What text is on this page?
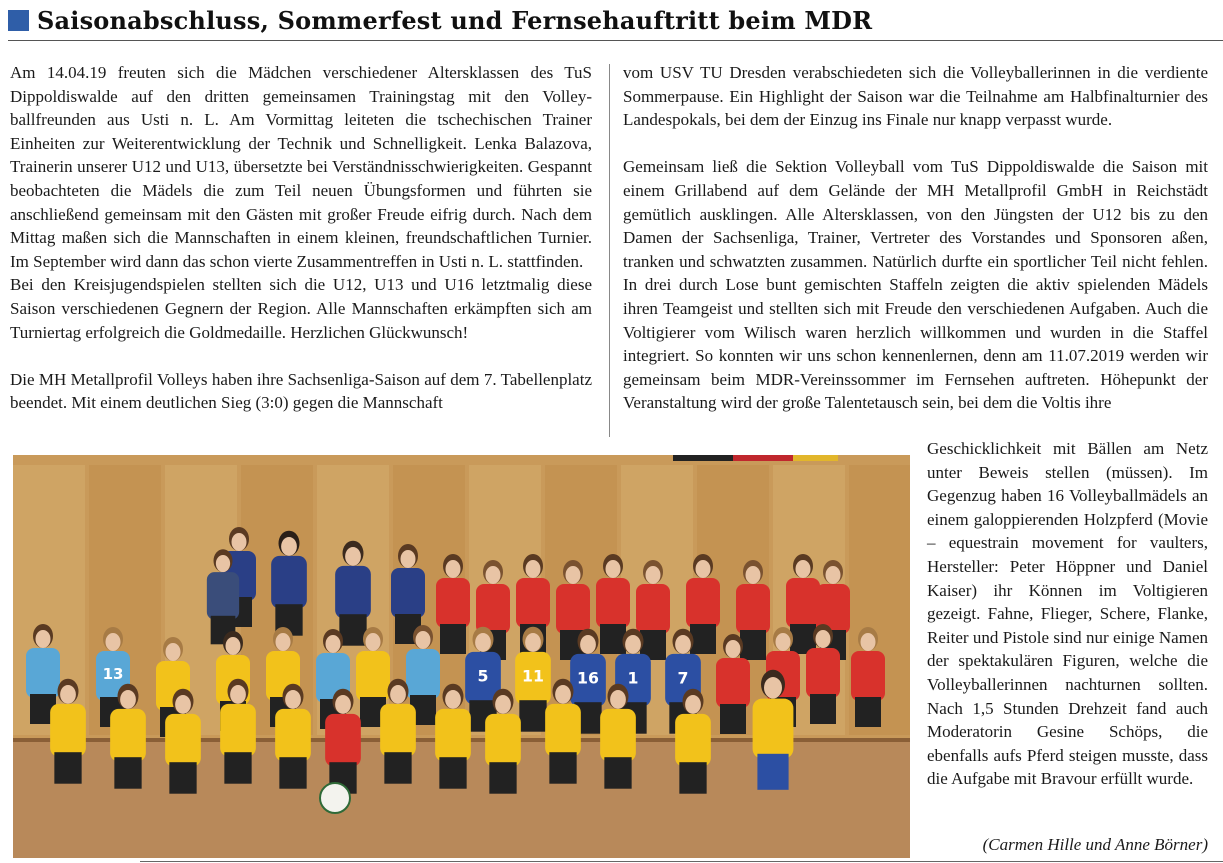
Saisonabschluss, Sommerfest und Fernsehauftritt beim MDR

Am 14.04.19 freuten sich die Mädchen verschiedener Altersklassen des TuS Dippoldiswalde auf den dritten gemeinsamen Trainingstag mit den Volleyballfreunden aus Usti n. L. Am Vormittag leiteten die tschechischen Trainer Einheiten zur Weiterentwicklung der Technik und Schnelligkeit. Lenka Balazova, Trainerin unserer U12 und U13, übersetzte bei Verständnisschwierigkeiten. Gespannt beobachteten die Mädels die zum Teil neuen Übungsformen und führten sie anschließend gemeinsam mit den Gästen mit großer Freude eifrig durch. Nach dem Mittag maßen sich die Mannschaften in einem kleinen, freundschaftlichen Turnier. Im September wird dann das schon vierte Zusammentreffen in Usti n. L. stattfinden.

Bei den Kreisjugendspielen stellten sich die U12, U13 und U16 letztmalig diese Saison verschiedenen Gegnern der Region. Alle Mannschaften erkämpften sich am Turniertag erfolgreich die Goldmedaille. Herzlichen Glückwunsch!

Die MH Metallprofil Volleys haben ihre Sachsenliga-Saison auf dem 7. Tabellenplatz beendet. Mit einem deutlichen Sieg (3:0) gegen die Mannschaft

vom USV TU Dresden verabschiedeten sich die Volleyballerinnen in die verdiente Sommerpause. Ein Highlight der Saison war die Teilnahme am Halbfinalturnier des Landespokals, bei dem der Einzug ins Finale nur knapp verpasst wurde.

Gemeinsam ließ die Sektion Volleyball vom TuS Dippoldiswalde die Saison mit einem Grillabend auf dem Gelände der MH Metallprofil GmbH in Reichstädt gemütlich ausklingen. Alle Altersklassen, von den Jüngsten der U12 bis zu den Damen der Sachsenliga, Trainer, Vertreter des Vorstandes und Sponsoren aßen, tranken und schwatzten zusammen. Natürlich durfte ein sportlicher Teil nicht fehlen. In drei durch Lose bunt gemischten Staffeln zeigten die aktiv spielenden Mädels ihren Teamgeist und stellten sich mit Freude den verschiedenen Aufgaben. Auch die Voltigierer vom Wilisch waren herzlich willkommen und wurden in die Staffel integriert. So konnten wir uns schon kennenlernen, denn am 11.07.2019 werden wir gemeinsam beim MDR-Vereinssommer im Fernsehen auftreten. Höhepunkt der Veranstaltung wird der große Talentetausch sein, bei dem die Voltis ihre

13	5 11 16 1 7

Geschicklichkeit mit Bällen am Netz unter Beweis stellen (müssen). Im Gegenzug haben 16 Volleyballmädels an einem galoppierenden Holzpferd (Movie – equestrain movement for vaulters, Hersteller: Peter Höppner und Daniel Kaiser) ihr Können im Voltigieren gezeigt. Fahne, Flieger, Schere, Flanke, Reiter und Pistole sind nur einige Namen der spektakulären Figuren, welche die Volleyballerinnen nachturnen sollten. Nach 1,5 Stunden Drehzeit fand auch Moderatorin Gesine Schöps, die ebenfalls aufs Pferd steigen musste, dass die Aufgabe mit Bravour erfüllt wurde.

(Carmen Hille und Anne Börner)
